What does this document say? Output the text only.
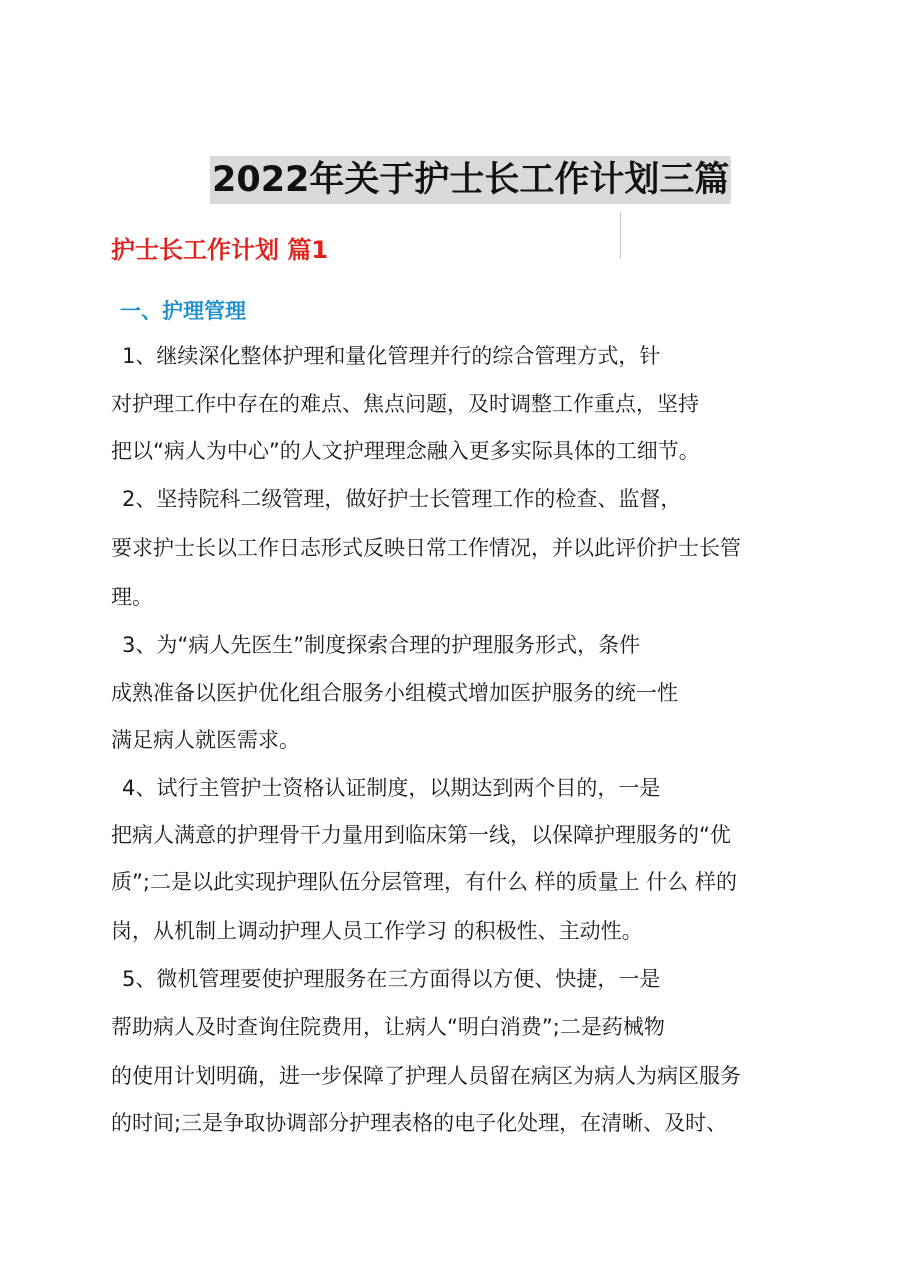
2022年关于护士长工作计划三篇
护士长工作计划 篇1
一、护理管理
1、继续深化整体护理和量化管理并行的综合管理方式，针
对护理工作中存在的难点、焦点问题，及时调整工作重点，坚持
把以“病人为中心”的人文护理理念融入更多实际具体的工细节。
2、坚持院科二级管理，做好护士长管理工作的检查、监督，
要求护士长以工作日志形式反映日常工作情况，并以此评价护士长管
理。
3、为“病人先医生”制度探索合理的护理服务形式，条件
成熟准备以医护优化组合服务小组模式增加医护服务的统一性
满足病人就医需求。
4、试行主管护士资格认证制度，以期达到两个目的，一是
把病人满意的护理骨干力量用到临床第一线，以保障护理服务的“优
质”;二是以此实现护理队伍分层管理，有什么 样的质量上 什么 样的
岗，从机制上调动护理人员工作学习 的积极性、主动性。
5、微机管理要使护理服务在三方面得以方便、快捷，一是
帮助病人及时查询住院费用，让病人“明白消费”;二是药械物
的使用计划明确，进一步保障了护理人员留在病区为病人为病区服务
的时间;三是争取协调部分护理表格的电子化处理，在清晰、及时、
